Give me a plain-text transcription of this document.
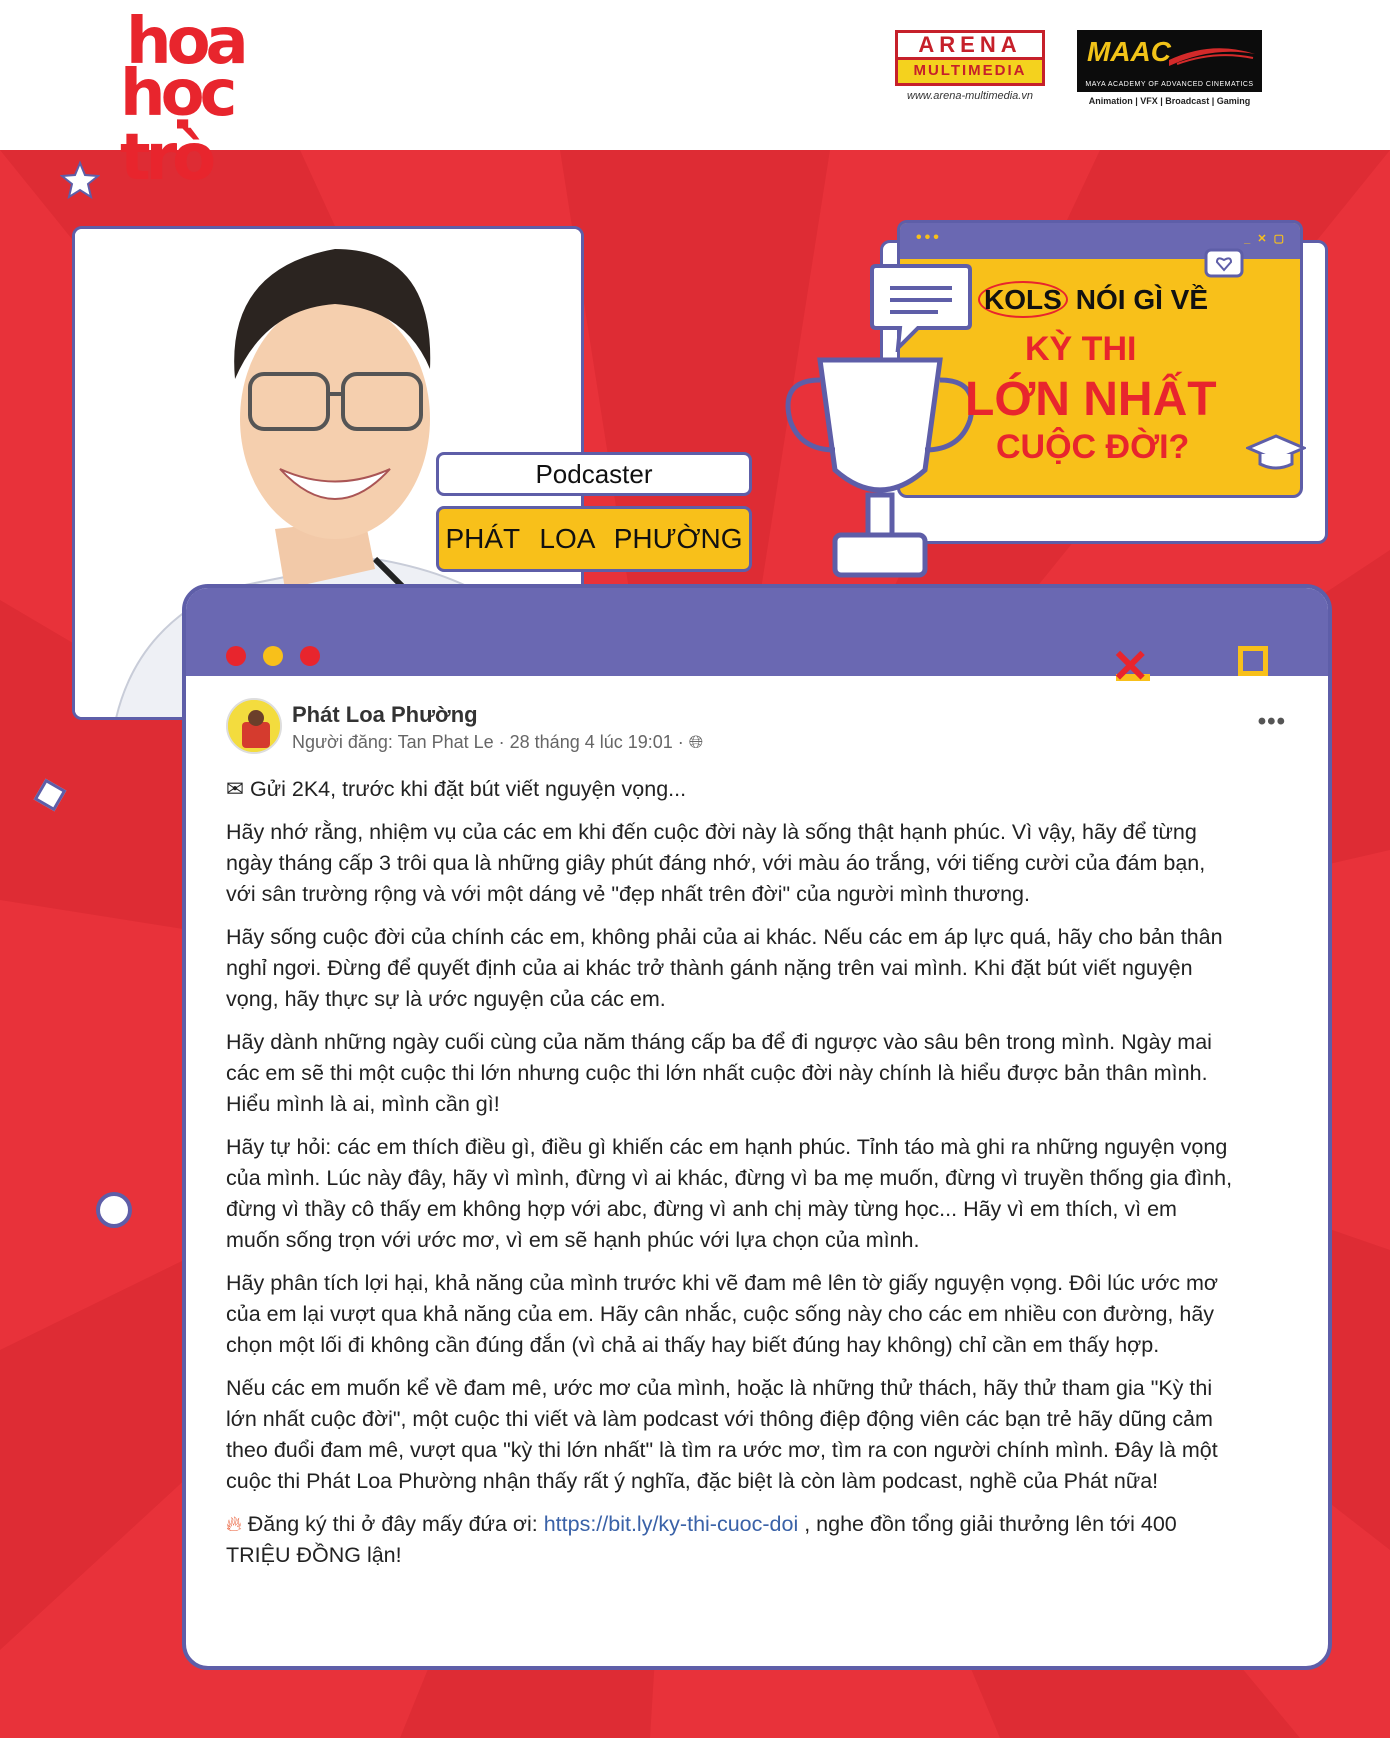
hoa
học trò
ARENA
MULTIMEDIA
www.arena-multimedia.vn
MAAC
MAYA ACADEMY OF ADVANCED CINEMATICS
Animation | VFX | Broadcast | Gaming
Podcaster
PHÁT LOA PHƯỜNG
•••	_ ✕ ▢
KOLS NÓI GÌ VỀ
KỲ THI
LỚN NHẤT
CUỘC ĐỜI?
✕
Phát Loa Phường
Người đăng: Tan Phat Le · 28 tháng 4 lúc 19:01 · 🌐︎
•••

✉ Gửi 2K4, trước khi đặt bút viết nguyện vọng...

Hãy nhớ rằng, nhiệm vụ của các em khi đến cuộc đời này là sống thật hạnh phúc. Vì vậy, hãy để từng ngày tháng cấp 3 trôi qua là những giây phút đáng nhớ, với màu áo trắng, với tiếng cười của đám bạn, với sân trường rộng và với một dáng vẻ "đẹp nhất trên đời" của người mình thương.

Hãy sống cuộc đời của chính các em, không phải của ai khác. Nếu các em áp lực quá, hãy cho bản thân nghỉ ngơi. Đừng để quyết định của ai khác trở thành gánh nặng trên vai mình. Khi đặt bút viết nguyện vọng, hãy thực sự là ước nguyện của các em.

Hãy dành những ngày cuối cùng của năm tháng cấp ba để đi ngược vào sâu bên trong mình. Ngày mai các em sẽ thi một cuộc thi lớn nhưng cuộc thi lớn nhất cuộc đời này chính là hiểu được bản thân mình. Hiểu mình là ai, mình cần gì!

Hãy tự hỏi: các em thích điều gì, điều gì khiến các em hạnh phúc. Tỉnh táo mà ghi ra những nguyện vọng của mình. Lúc này đây, hãy vì mình, đừng vì ai khác, đừng vì ba mẹ muốn, đừng vì truyền thống gia đình, đừng vì thầy cô thấy em không hợp với abc, đừng vì anh chị mày từng học... Hãy vì em thích, vì em muốn sống trọn với ước mơ, vì em sẽ hạnh phúc với lựa chọn của mình.

Hãy phân tích lợi hại, khả năng của mình trước khi vẽ đam mê lên tờ giấy nguyện vọng. Đôi lúc ước mơ của em lại vượt qua khả năng của em. Hãy cân nhắc, cuộc sống này cho các em nhiều con đường, hãy chọn một lối đi không cần đúng đắn (vì chả ai thấy hay biết đúng hay không) chỉ cần em thấy hợp.

Nếu các em muốn kể về đam mê, ước mơ của mình, hoặc là những thử thách, hãy thử tham gia "Kỳ thi lớn nhất cuộc đời", một cuộc thi viết và làm podcast với thông điệp động viên các bạn trẻ hãy dũng cảm theo đuổi đam mê, vượt qua "kỳ thi lớn nhất" là tìm ra ước mơ, tìm ra con người chính mình. Đây là một cuộc thi Phát Loa Phường nhận thấy rất ý nghĩa, đặc biệt là còn làm podcast, nghề của Phát nữa!

🔥︎ Đăng ký thi ở đây mấy đứa ơi: https://bit.ly/ky-thi-cuoc-doi , nghe đồn tổng giải thưởng lên tới 400 TRIỆU ĐỒNG lận!
